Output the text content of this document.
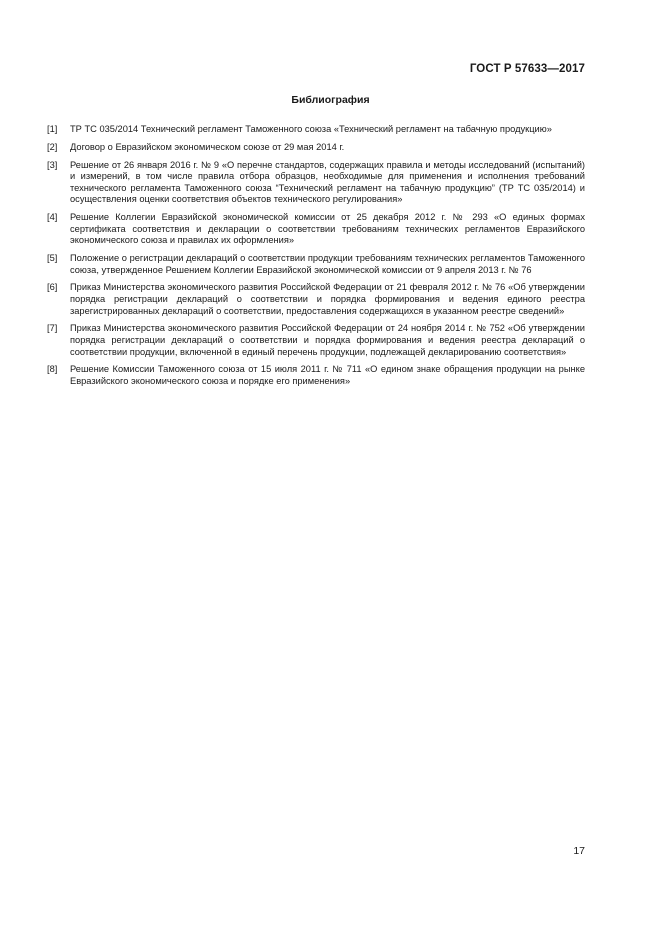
ГОСТ Р 57633—2017
Библиография
[1]	ТР ТС 035/2014 Технический регламент Таможенного союза «Технический регламент на табачную продукцию»
[2]	Договор о Евразийском экономическом союзе от 29 мая 2014 г.
[3]	Решение от 26 января 2016 г. № 9 «О перечне стандартов, содержащих правила и методы исследований (испытаний) и измерений, в том числе правила отбора образцов, необходимые для применения и исполнения требований технического регламента Таможенного союза “Технический регламент на табачную продукцию” (ТР ТС 035/2014) и осуществления оценки соответствия объектов технического регулирования»
[4]	Решение Коллегии Евразийской экономической комиссии от 25 декабря 2012 г. № 293 «О единых формах сертификата соответствия и декларации о соответствии требованиям технических регламентов Евразийского экономического союза и правилах их оформления»
[5]	Положение о регистрации деклараций о соответствии продукции требованиям технических регламентов Таможенного союза, утвержденное Решением Коллегии Евразийской экономической комиссии от 9 апреля 2013 г. № 76
[6]	Приказ Министерства экономического развития Российской Федерации от 21 февраля 2012 г. № 76 «Об утверждении порядка регистрации деклараций о соответствии и порядка формирования и ведения единого реестра зарегистрированных деклараций о соответствии, предоставления содержащихся в указанном реестре сведений»
[7]	Приказ Министерства экономического развития Российской Федерации от 24 ноября 2014 г. № 752 «Об утверждении порядка регистрации деклараций о соответствии и порядка формирования и ведения реестра деклараций о соответствии продукции, включенной в единый перечень продукции, подлежащей декларированию соответствия»
[8]	Решение Комиссии Таможенного союза от 15 июля 2011 г. № 711 «О едином знаке обращения продукции на рынке Евразийского экономического союза и порядке его применения»
17
